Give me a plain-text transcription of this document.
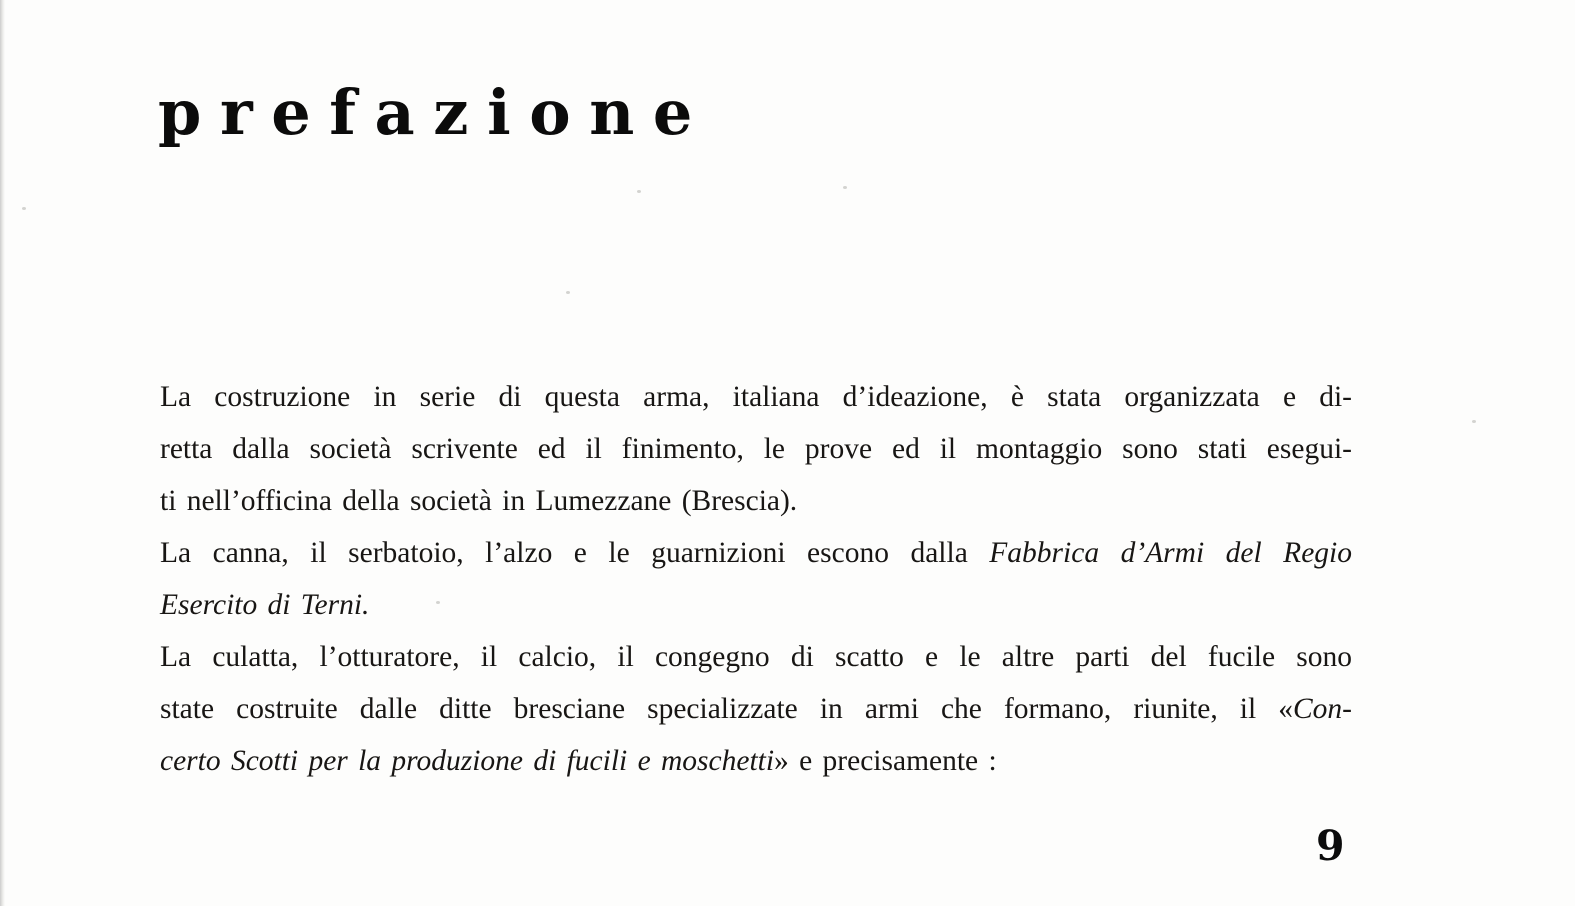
prefazione
La costruzione in serie di questa arma, italiana d’ideazione, è stata organizzata e di-
retta dalla società scrivente ed il finimento, le prove ed il montaggio sono stati esegui-
ti nell’officina della società in Lumezzane (Brescia).
La canna, il serbatoio, l’alzo e le guarnizioni escono dalla Fabbrica d’Armi del Regio
Esercito di Terni.
La culatta, l’otturatore, il calcio, il congegno di scatto e le altre parti del fucile sono
state costruite dalle ditte bresciane specializzate in armi che formano, riunite, il «Con-
certo Scotti per la produzione di fucili e moschetti» e precisamente :
9
